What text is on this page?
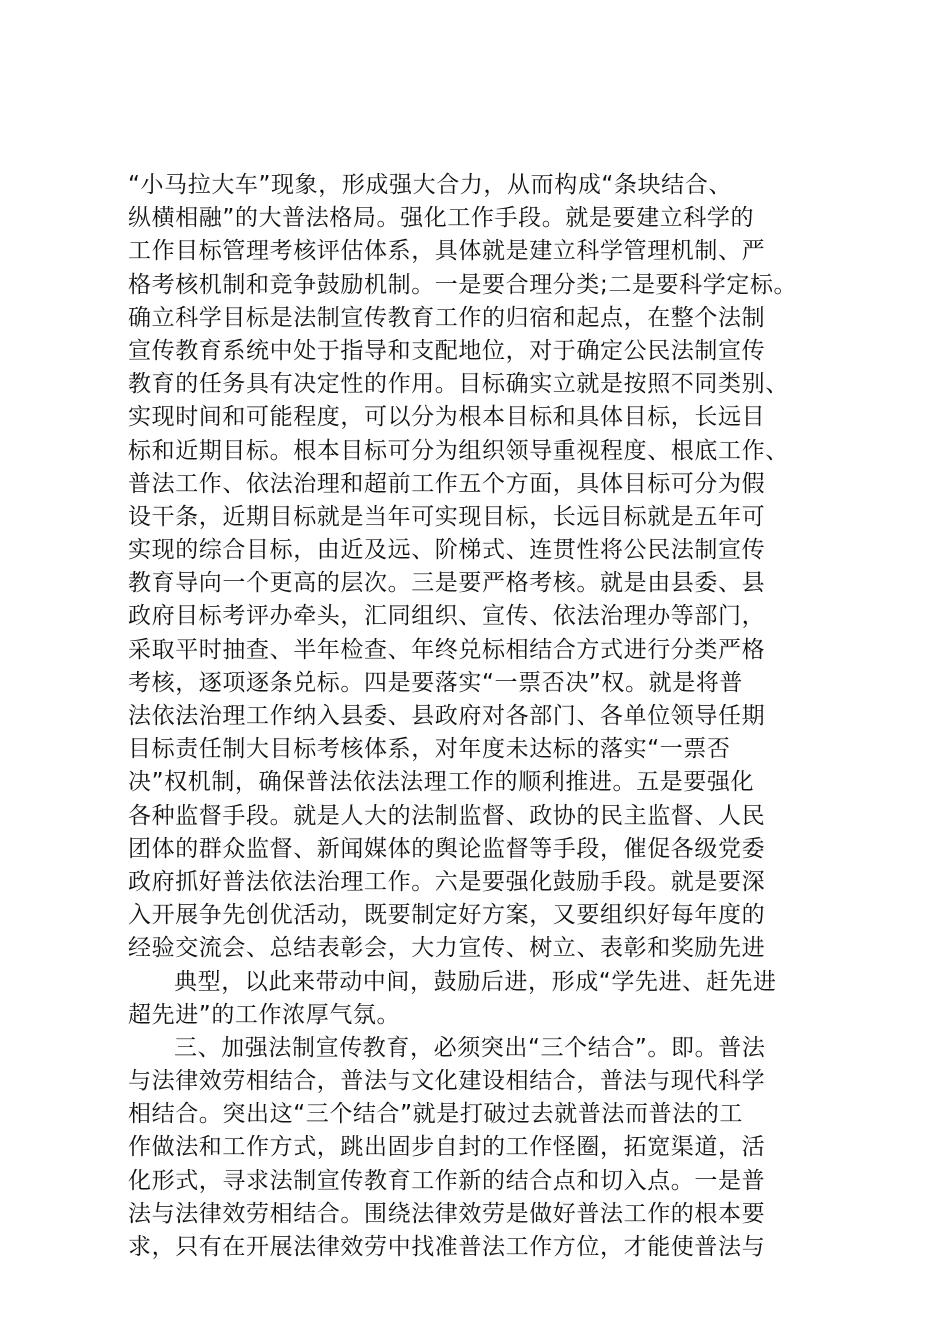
“小马拉大车”现象，形成强大合力，从而构成“条块结合、
纵横相融”的大普法格局。强化工作手段。就是要建立科学的
工作目标管理考核评估体系，具体就是建立科学管理机制、严
格考核机制和竞争鼓励机制。一是要合理分类;二是要科学定标。
确立科学目标是法制宣传教育工作的归宿和起点，在整个法制
宣传教育系统中处于指导和支配地位，对于确定公民法制宣传
教育的任务具有决定性的作用。目标确实立就是按照不同类别、
实现时间和可能程度，可以分为根本目标和具体目标，长远目
标和近期目标。根本目标可分为组织领导重视程度、根底工作、
普法工作、依法治理和超前工作五个方面，具体目标可分为假
设干条，近期目标就是当年可实现目标，长远目标就是五年可
实现的综合目标，由近及远、阶梯式、连贯性将公民法制宣传
教育导向一个更高的层次。三是要严格考核。就是由县委、县
政府目标考评办牵头，汇同组织、宣传、依法治理办等部门，
采取平时抽查、半年检查、年终兑标相结合方式进行分类严格
考核，逐项逐条兑标。四是要落实“一票否决”权。就是将普
法依法治理工作纳入县委、县政府对各部门、各单位领导任期
目标责任制大目标考核体系，对年度未达标的落实“一票否
决”权机制，确保普法依法法理工作的顺利推进。五是要强化
各种监督手段。就是人大的法制监督、政协的民主监督、人民
团体的群众监督、新闻媒体的舆论监督等手段，催促各级党委
政府抓好普法依法治理工作。六是要强化鼓励手段。就是要深
入开展争先创优活动，既要制定好方案，又要组织好每年度的
经验交流会、总结表彰会，大力宣传、树立、表彰和奖励先进
典型，以此来带动中间，鼓励后进，形成“学先进、赶先进
超先进”的工作浓厚气氛。
三、加强法制宣传教育，必须突出“三个结合”。即。普法
与法律效劳相结合，普法与文化建设相结合，普法与现代科学
相结合。突出这“三个结合”就是打破过去就普法而普法的工
作做法和工作方式，跳出固步自封的工作怪圈，拓宽渠道，活
化形式，寻求法制宣传教育工作新的结合点和切入点。一是普
法与法律效劳相结合。围绕法律效劳是做好普法工作的根本要
求，只有在开展法律效劳中找准普法工作方位，才能使普法与
